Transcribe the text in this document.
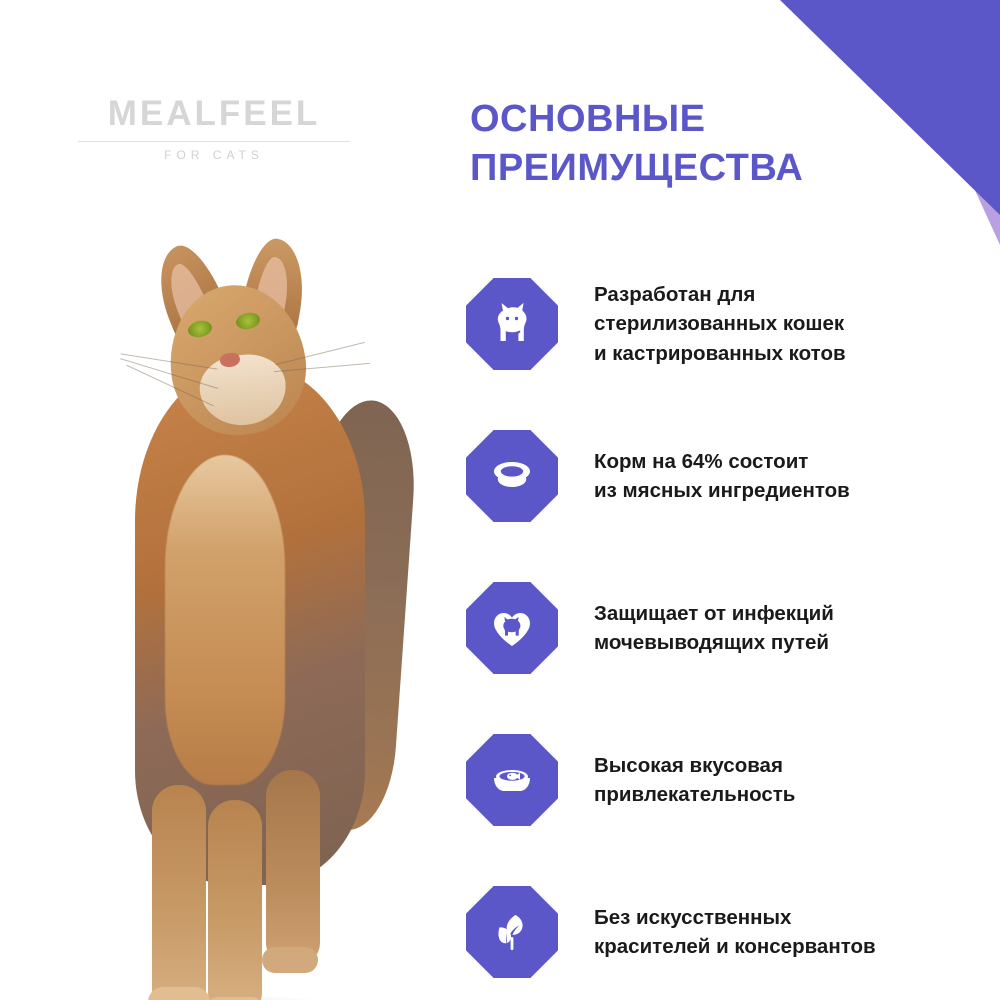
MEALFEEL
FOR CATS
ОСНОВНЫЕ
ПРЕИМУЩЕСТВА
Разработан для
стерилизованных кошек
и кастрированных котов
Корм на 64% состоит
из мясных ингредиентов
Защищает от инфекций
мочевыводящих путей
Высокая вкусовая
привлекательность
Без искусственных
красителей и консервантов
